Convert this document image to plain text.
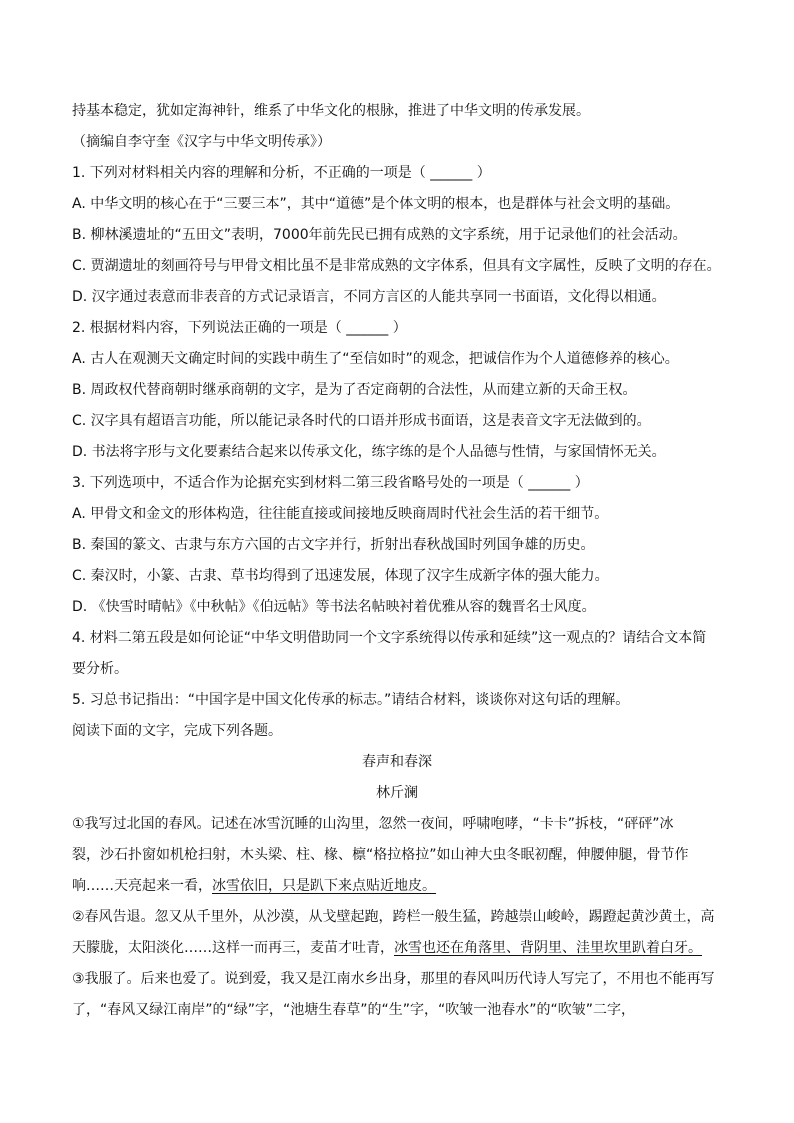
持基本稳定，犹如定海神针，维系了中华文化的根脉，推进了中华文明的传承发展。
（摘编自李守奎《汉字与中华文明传承》）
1. 下列对材料相关内容的理解和分析，不正确的一项是（ ______ ）
A. 中华文明的核心在于“三要三本”，其中“道德”是个体文明的根本，也是群体与社会文明的基础。
B. 柳林溪遗址的“五田文”表明，7000年前先民已拥有成熟的文字系统，用于记录他们的社会活动。
C. 贾湖遗址的刻画符号与甲骨文相比虽不是非常成熟的文字体系，但具有文字属性，反映了文明的存在。
D. 汉字通过表意而非表音的方式记录语言，不同方言区的人能共享同一书面语，文化得以相通。
2. 根据材料内容，下列说法正确的一项是（ ______ ）
A. 古人在观测天文确定时间的实践中萌生了“至信如时”的观念，把诚信作为个人道德修养的核心。
B. 周政权代替商朝时继承商朝的文字，是为了否定商朝的合法性，从而建立新的天命王权。
C. 汉字具有超语言功能，所以能记录各时代的口语并形成书面语，这是表音文字无法做到的。
D. 书法将字形与文化要素结合起来以传承文化，练字练的是个人品德与性情，与家国情怀无关。
3. 下列选项中，不适合作为论据充实到材料二第三段省略号处的一项是（ ______ ）
A. 甲骨文和金文的形体构造，往往能直接或间接地反映商周时代社会生活的若干细节。
B. 秦国的篆文、古隶与东方六国的古文字并行，折射出春秋战国时列国争雄的历史。
C. 秦汉时，小篆、古隶、草书均得到了迅速发展，体现了汉字生成新字体的强大能力。
D. 《快雪时晴帖》《中秋帖》《伯远帖》等书法名帖映衬着优雅从容的魏晋名士风度。
4. 材料二第五段是如何论证“中华文明借助同一个文字系统得以传承和延续”这一观点的？请结合文本简
要分析。
5. 习总书记指出：“中国字是中国文化传承的标志。”请结合材料，谈谈你对这句话的理解。
阅读下面的文字，完成下列各题。
春声和春深
林斤澜
①我写过北国的春风。记述在冰雪沉睡的山沟里，忽然一夜间，呼啸咆哮，“卡卡”拆枝，“砰砰”冰
裂，沙石扑窗如机枪扫射，木头梁、柱、椽、檩“格拉格拉”如山神大虫冬眠初醒，伸腰伸腿，骨节作
响……天亮起来一看，冰雪依旧，只是趴下来点贴近地皮。
②春风告退。忽又从千里外，从沙漠，从戈壁起跑，跨栏一般生猛，跨越崇山峻岭，踢蹬起黄沙黄土，高
天朦胧，太阳淡化……这样一而再三，麦苗才吐青，冰雪也还在角落里、背阴里、洼里坎里趴着白牙。
③我服了。后来也爱了。说到爱，我又是江南水乡出身，那里的春风叫历代诗人写完了，不用也不能再写
了，“春风又绿江南岸”的“绿”字，“池塘生春草”的“生”字，“吹皱一池春水”的“吹皱”二字，
